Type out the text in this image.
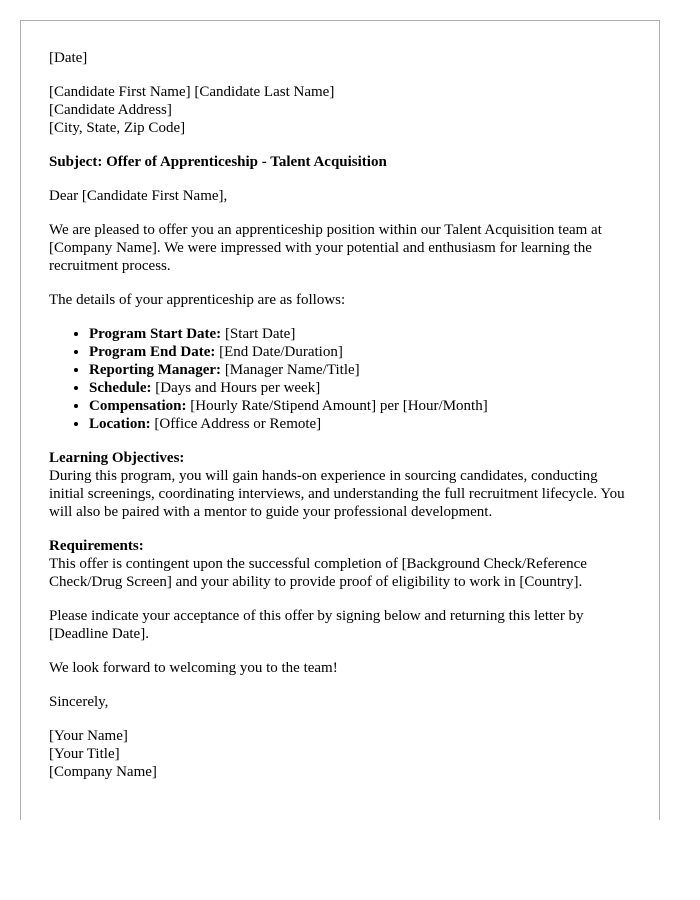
[Date]
[Candidate First Name] [Candidate Last Name]
[Candidate Address]
[City, State, Zip Code]
Subject: Offer of Apprenticeship - Talent Acquisition
Dear [Candidate First Name],
We are pleased to offer you an apprenticeship position within our Talent Acquisition team at [Company Name]. We were impressed with your potential and enthusiasm for learning the recruitment process.
The details of your apprenticeship are as follows:
• Program Start Date: [Start Date]
• Program End Date: [End Date/Duration]
• Reporting Manager: [Manager Name/Title]
• Schedule: [Days and Hours per week]
• Compensation: [Hourly Rate/Stipend Amount] per [Hour/Month]
• Location: [Office Address or Remote]
Learning Objectives:
During this program, you will gain hands-on experience in sourcing candidates, conducting initial screenings, coordinating interviews, and understanding the full recruitment lifecycle. You will also be paired with a mentor to guide your professional development.
Requirements:
This offer is contingent upon the successful completion of [Background Check/Reference Check/Drug Screen] and your ability to provide proof of eligibility to work in [Country].
Please indicate your acceptance of this offer by signing below and returning this letter by [Deadline Date].
We look forward to welcoming you to the team!
Sincerely,
[Your Name]
[Your Title]
[Company Name]
